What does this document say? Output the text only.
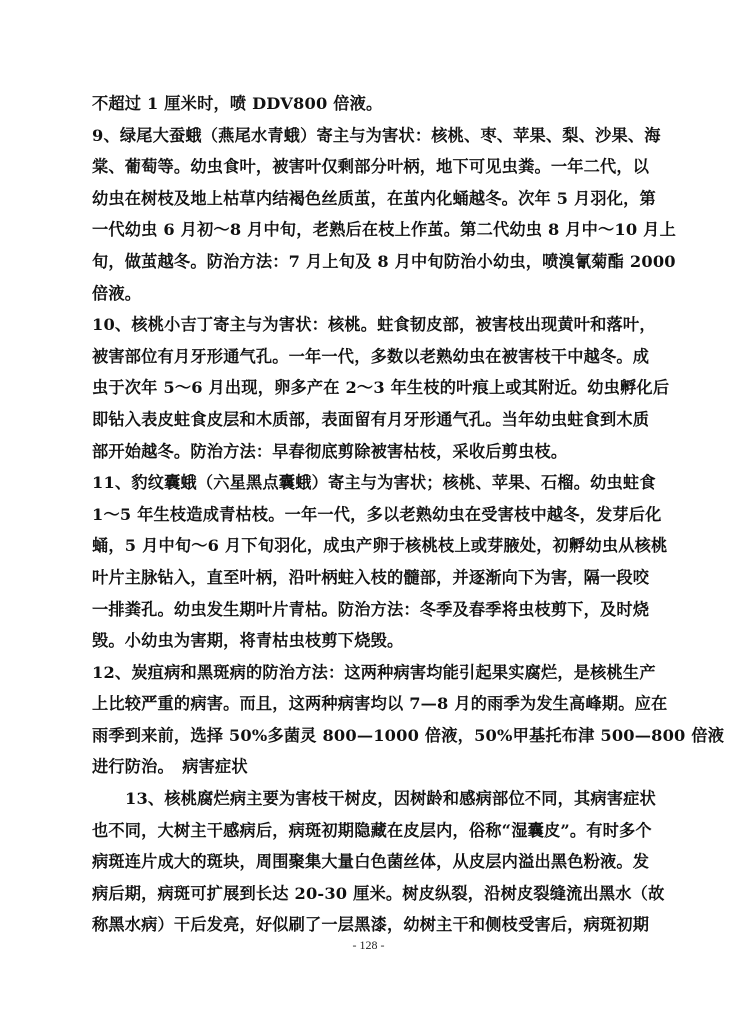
不超过 1 厘米时，喷 DDV800 倍液。
9、绿尾大蚕蛾（燕尾水青蛾）寄主与为害状：核桃、枣、苹果、梨、沙果、海
棠、葡萄等。幼虫食叶，被害叶仅剩部分叶柄，地下可见虫粪。一年二代，以
幼虫在树枝及地上枯草内结褐色丝质茧，在茧内化蛹越冬。次年 5 月羽化，第
一代幼虫 6 月初～8 月中旬，老熟后在枝上作茧。第二代幼虫 8 月中～10 月上
旬，做茧越冬。防治方法：7 月上旬及 8 月中旬防治小幼虫，喷溴氰菊酯 2000
倍液。
10、核桃小吉丁寄主与为害状：核桃。蛀食韧皮部，被害枝出现黄叶和落叶，
被害部位有月牙形通气孔。一年一代，多数以老熟幼虫在被害枝干中越冬。成
虫于次年 5～6 月出现，卵多产在 2～3 年生枝的叶痕上或其附近。幼虫孵化后
即钻入表皮蛀食皮层和木质部，表面留有月牙形通气孔。当年幼虫蛀食到木质
部开始越冬。防治方法：早春彻底剪除被害枯枝，采收后剪虫枝。
11、豹纹囊蛾（六星黑点囊蛾）寄主与为害状；核桃、苹果、石榴。幼虫蛀食
1～5 年生枝造成青枯枝。一年一代，多以老熟幼虫在受害枝中越冬，发芽后化
蛹，5 月中旬～6 月下旬羽化，成虫产卵于核桃枝上或芽腋处，初孵幼虫从核桃
叶片主脉钻入，直至叶柄，沿叶柄蛀入枝的髓部，并逐渐向下为害，隔一段咬
一排粪孔。幼虫发生期叶片青枯。防治方法：冬季及春季将虫枝剪下，及时烧
毁。小幼虫为害期，将青枯虫枝剪下烧毁。
12、炭疽病和黑斑病的防治方法：这两种病害均能引起果实腐烂，是核桃生产
上比较严重的病害。而且，这两种病害均以 7—8 月的雨季为发生高峰期。应在
雨季到来前，选择 50%多菌灵 800—1000 倍液，50%甲基托布津 500—800 倍液
进行防治。　病害症状
13、核桃腐烂病主要为害枝干树皮，因树龄和感病部位不同，其病害症状
也不同，大树主干感病后，病斑初期隐藏在皮层内，俗称“湿囊皮”。有时多个
病斑连片成大的斑块，周围聚集大量白色菌丝体，从皮层内溢出黑色粉液。发
病后期，病斑可扩展到长达 20-30 厘米。树皮纵裂，沿树皮裂缝流出黑水（故
称黑水病）干后发亮，好似刷了一层黑漆，幼树主干和侧枝受害后，病斑初期
- 128 -
